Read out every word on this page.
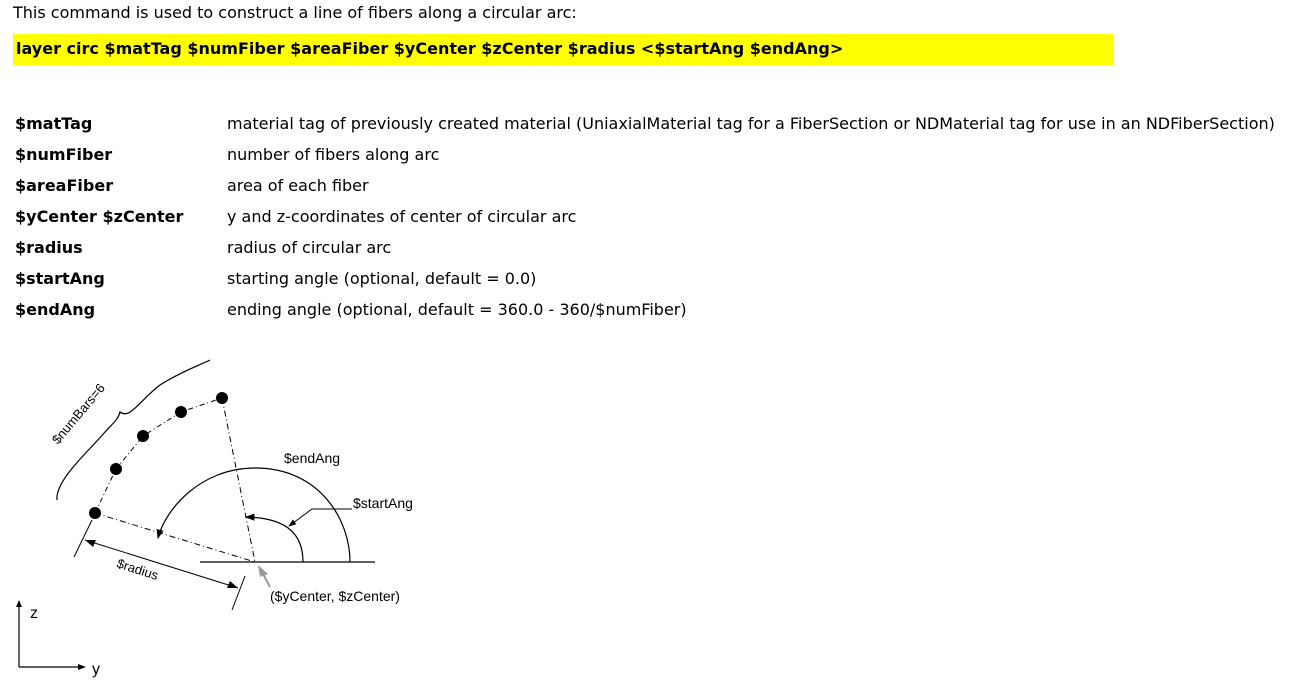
This command is used to construct a line of fibers along a circular arc:
layer circ $matTag $numFiber $areaFiber $yCenter $zCenter $radius <$startAng $endAng>
$matTag	material tag of previously created material (UniaxialMaterial tag for a FiberSection or NDMaterial tag for use in an NDFiberSection)
$numFiber	number of fibers along arc
$areaFiber	area of each fiber
$yCenter $zCenter	y and z-coordinates of center of circular arc
$radius	radius of circular arc
$startAng	starting angle (optional, default = 0.0)
$endAng	ending angle (optional, default = 360.0 - 360/$numFiber)
$numBars=6
$endAng
$startAng
$radius
($yCenter, $zCenter)
z
y
